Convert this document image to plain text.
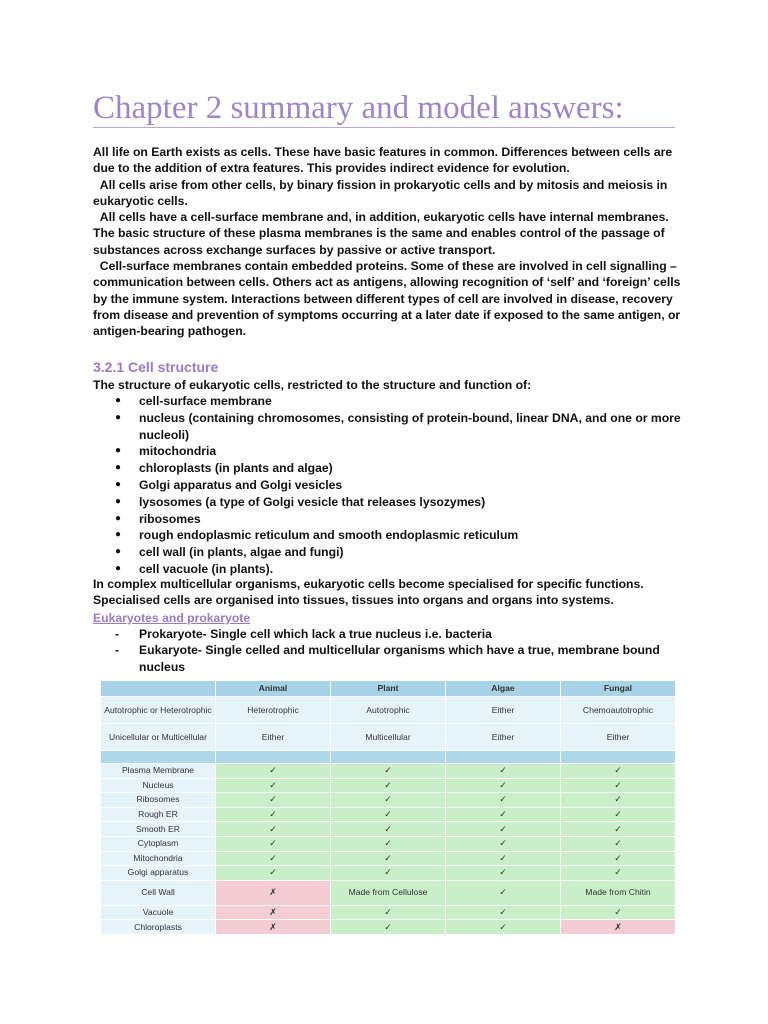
Chapter 2 summary and model answers:

All life on Earth exists as cells. These have basic features in common. Differences between cells are due to the addition of extra features. This provides indirect evidence for evolution.

All cells arise from other cells, by binary fission in prokaryotic cells and by mitosis and meiosis in eukaryotic cells.

All cells have a cell-surface membrane and, in addition, eukaryotic cells have internal membranes. The basic structure of these plasma membranes is the same and enables control of the passage of substances across exchange surfaces by passive or active transport.

Cell-surface membranes contain embedded proteins. Some of these are involved in cell signalling – communication between cells. Others act as antigens, allowing recognition of ‘self’ and ‘foreign’ cells by the immune system. Interactions between different types of cell are involved in disease, recovery from disease and prevention of symptoms occurring at a later date if exposed to the same antigen, or antigen-bearing pathogen.

3.2.1 Cell structure

The structure of eukaryotic cells, restricted to the structure and function of:

● cell-surface membrane
● nucleus (containing chromosomes, consisting of protein-bound, linear DNA, and one or more nucleoli)
● mitochondria
● chloroplasts (in plants and algae)
● Golgi apparatus and Golgi vesicles
● lysosomes (a type of Golgi vesicle that releases lysozymes)
● ribosomes
● rough endoplasmic reticulum and smooth endoplasmic reticulum
● cell wall (in plants, algae and fungi)
● cell vacuole (in plants).

In complex multicellular organisms, eukaryotic cells become specialised for specific functions. Specialised cells are organised into tissues, tissues into organs and organs into systems.

Eukaryotes and prokaryote

- Prokaryote- Single cell which lack a true nucleus i.e. bacteria
- Eukaryote- Single celled and multicellular organisms which have a true, membrane bound nucleus
	Animal	Plant	Algae	Fungal
Autotrophic or Heterotrophic	Heterotrophic	Autotrophic	Either	Chemoautotrophic
Unicellular or Multicellular	Either	Multicellular	Either	Either

Plasma Membrane	✓	✓	✓	✓
Nucleus	✓	✓	✓	✓
Ribosomes	✓	✓	✓	✓
Rough ER	✓	✓	✓	✓
Smooth ER	✓	✓	✓	✓
Cytoplasm	✓	✓	✓	✓
Mitochondria	✓	✓	✓	✓
Golgi apparatus	✓	✓	✓	✓
Cell Wall	✗	Made from Cellulose	✓	Made from Chitin
Vacuole	✗	✓	✓	✓
Chloroplasts	✗	✓	✓	✗
